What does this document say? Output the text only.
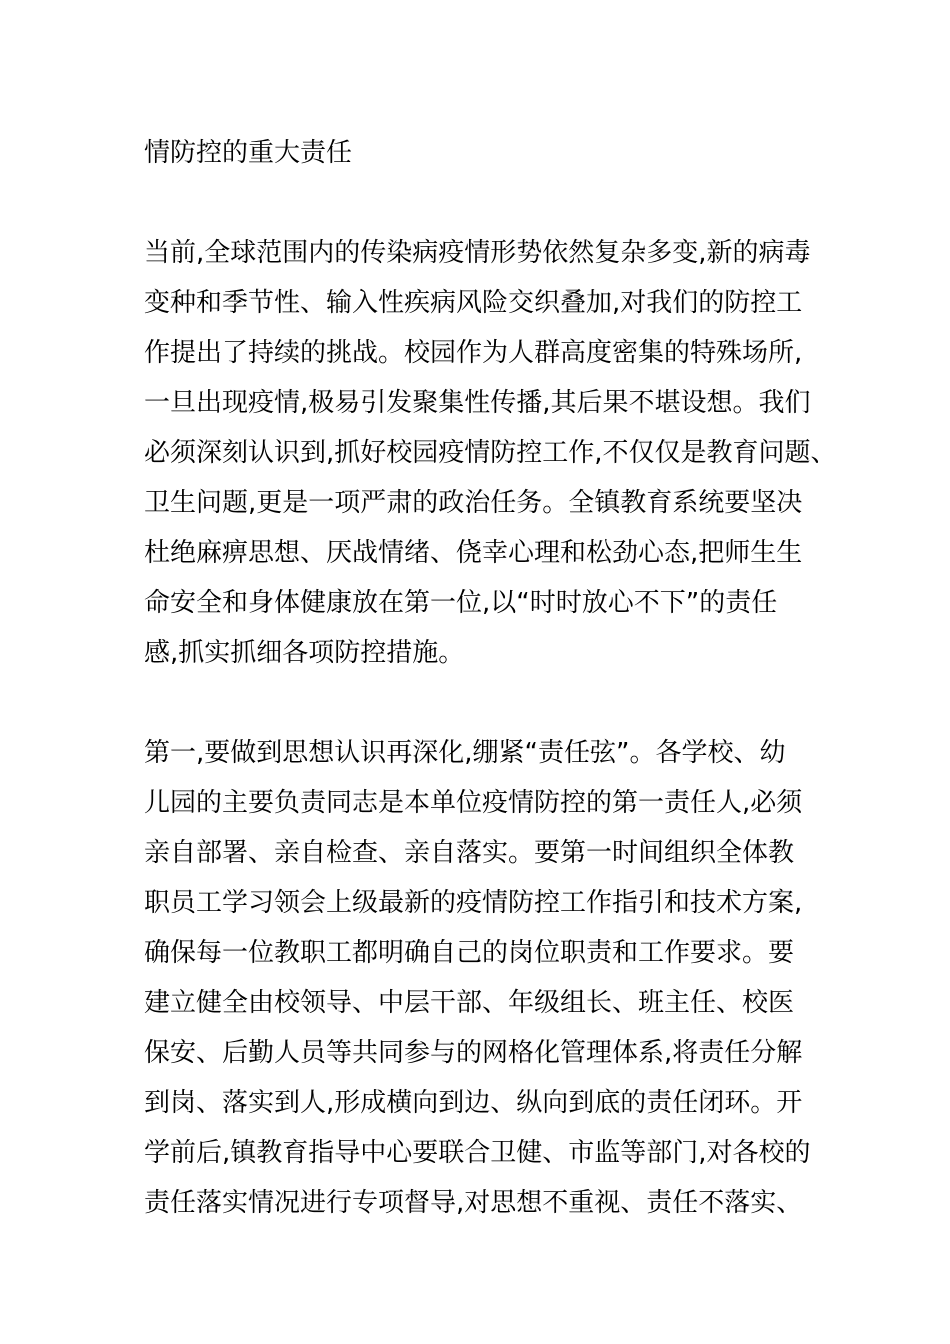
情防控的重大责任
当前,全球范围内的传染病疫情形势依然复杂多变,新的病毒
变种和季节性、输入性疾病风险交织叠加,对我们的防控工
作提出了持续的挑战。校园作为人群高度密集的特殊场所,
一旦出现疫情,极易引发聚集性传播,其后果不堪设想。我们
必须深刻认识到,抓好校园疫情防控工作,不仅仅是教育问题、
卫生问题,更是一项严肃的政治任务。全镇教育系统要坚决
杜绝麻痹思想、厌战情绪、侥幸心理和松劲心态,把师生生
命安全和身体健康放在第一位,以“时时放心不下”的责任
感,抓实抓细各项防控措施。
第一,要做到思想认识再深化,绷紧“责任弦”。各学校、幼
儿园的主要负责同志是本单位疫情防控的第一责任人,必须
亲自部署、亲自检查、亲自落实。要第一时间组织全体教
职员工学习领会上级最新的疫情防控工作指引和技术方案,
确保每一位教职工都明确自己的岗位职责和工作要求。要
建立健全由校领导、中层干部、年级组长、班主任、校医
保安、后勤人员等共同参与的网格化管理体系,将责任分解
到岗、落实到人,形成横向到边、纵向到底的责任闭环。开
学前后,镇教育指导中心要联合卫健、市监等部门,对各校的
责任落实情况进行专项督导,对思想不重视、责任不落实、
